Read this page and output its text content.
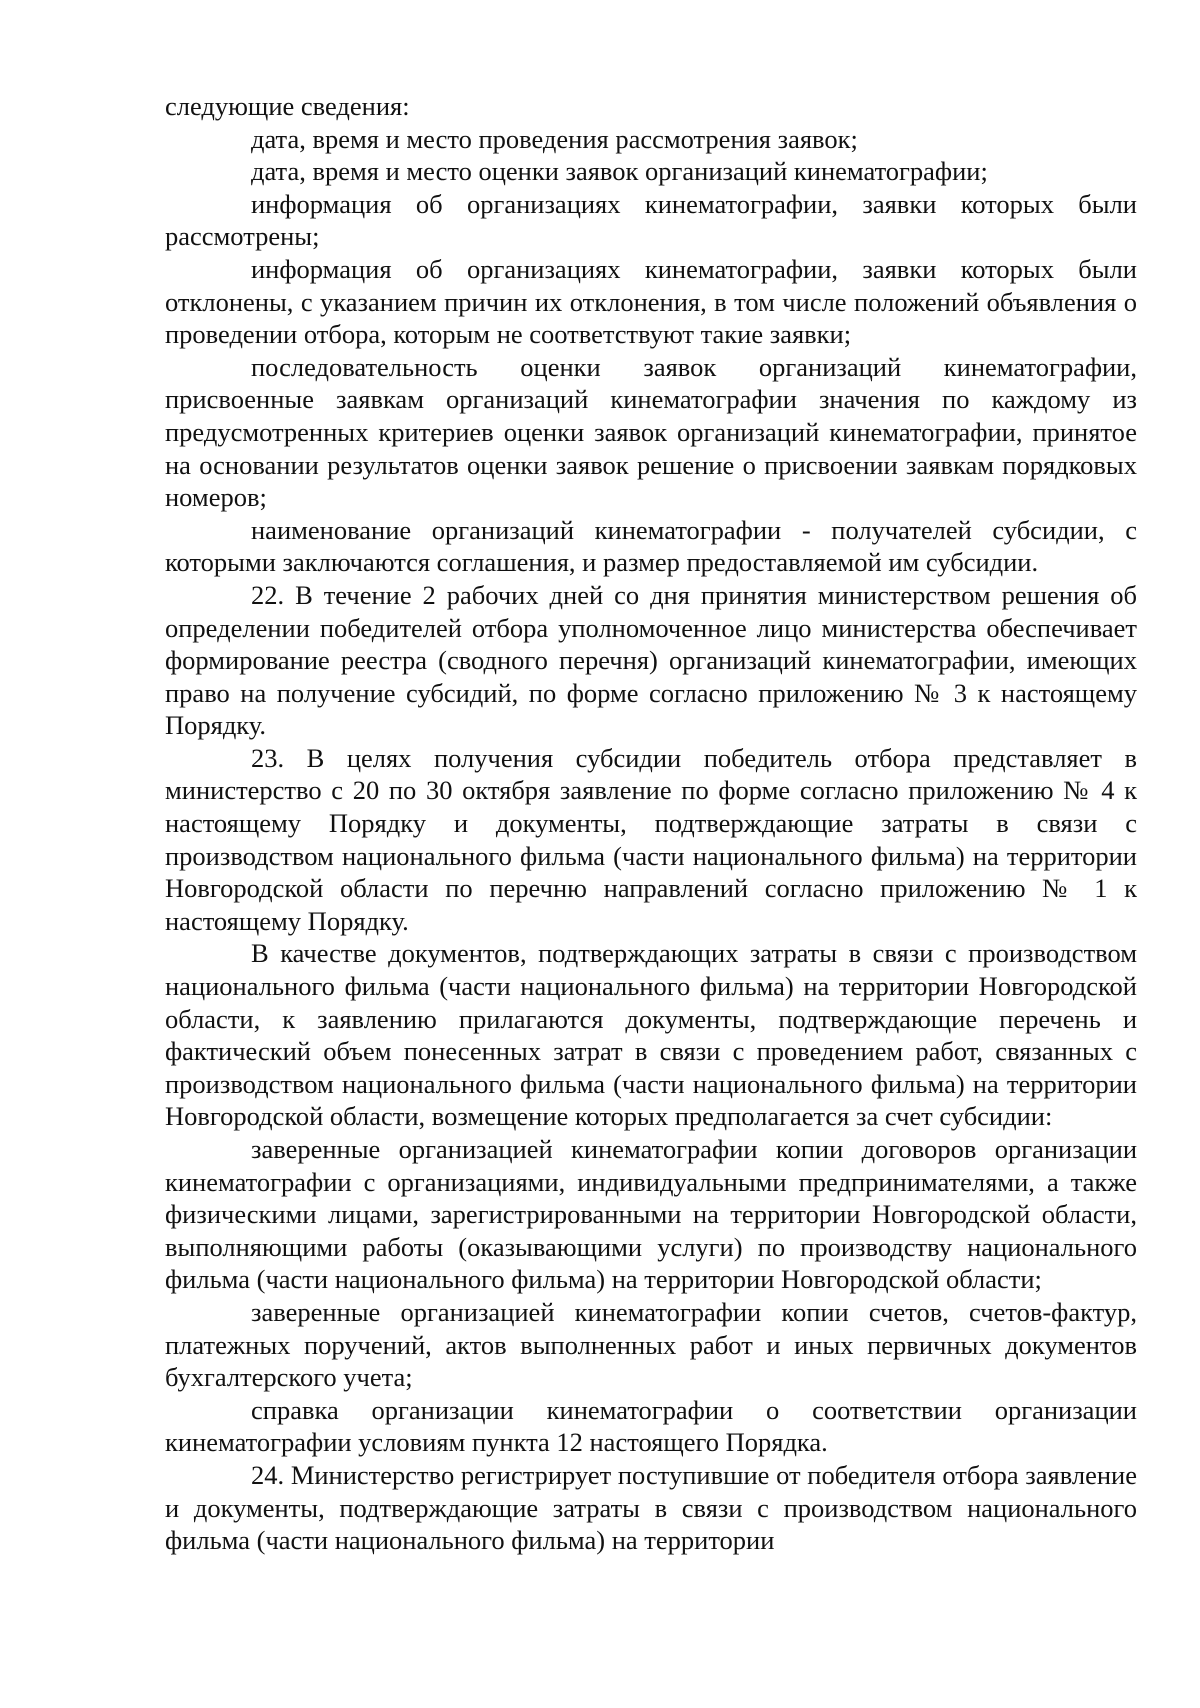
следующие сведения:

дата, время и место проведения рассмотрения заявок;

дата, время и место оценки заявок организаций кинематографии;

информация об организациях кинематографии, заявки которых были рассмотрены;

информация об организациях кинематографии, заявки которых были отклонены, с указанием причин их отклонения, в том числе положений объявления о проведении отбора, которым не соответствуют такие заявки;

последовательность оценки заявок организаций кинематографии, присвоенные заявкам организаций кинематографии значения по каждому из предусмотренных критериев оценки заявок организаций кинематографии, принятое на основании результатов оценки заявок решение о присвоении заявкам порядковых номеров;

наименование организаций кинематографии - получателей субсидии, с которыми заключаются соглашения, и размер предоставляемой им субсидии.

22. В течение 2 рабочих дней со дня принятия министерством решения об определении победителей отбора уполномоченное лицо министерства обеспечивает формирование реестра (сводного перечня) организаций кинематографии, имеющих право на получение субсидий, по форме согласно приложению № 3 к настоящему Порядку.

23. В целях получения субсидии победитель отбора представляет в министерство с 20 по 30 октября заявление по форме согласно приложению № 4 к настоящему Порядку и документы, подтверждающие затраты в связи с производством национального фильма (части национального фильма) на территории Новгородской области по перечню направлений согласно приложению № 1 к настоящему Порядку.

В качестве документов, подтверждающих затраты в связи с производством национального фильма (части национального фильма) на территории Новгородской области, к заявлению прилагаются документы, подтверждающие перечень и фактический объем понесенных затрат в связи с проведением работ, связанных с производством национального фильма (части национального фильма) на территории Новгородской области, возмещение которых предполагается за счет субсидии:

заверенные организацией кинематографии копии договоров организации кинематографии с организациями, индивидуальными предпринимателями, а также физическими лицами, зарегистрированными на территории Новгородской области, выполняющими работы (оказывающими услуги) по производству национального фильма (части национального фильма) на территории Новгородской области;

заверенные организацией кинематографии копии счетов, счетов-фактур, платежных поручений, актов выполненных работ и иных первичных документов бухгалтерского учета;

справка организации кинематографии о соответствии организации кинематографии условиям пункта 12 настоящего Порядка.

24. Министерство регистрирует поступившие от победителя отбора заявление и документы, подтверждающие затраты в связи с производством национального фильма (части национального фильма) на территории
